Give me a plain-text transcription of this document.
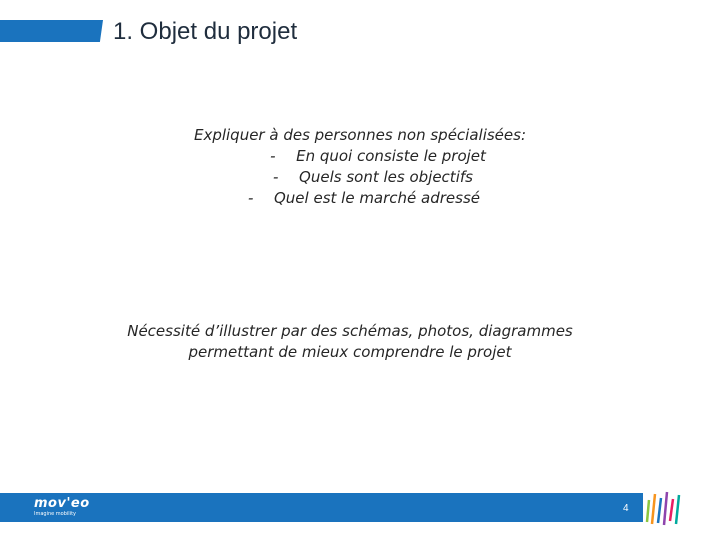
1. Objet du projet
Expliquer à des personnes non spécialisées:
-	En quoi consiste le projet
-	Quels sont les objectifs
-	Quel est le marché adressé
Nécessité d’illustrer par des schémas, photos, diagrammes
permettant de mieux comprendre le projet
mov'eo
Imagine mobility	4
